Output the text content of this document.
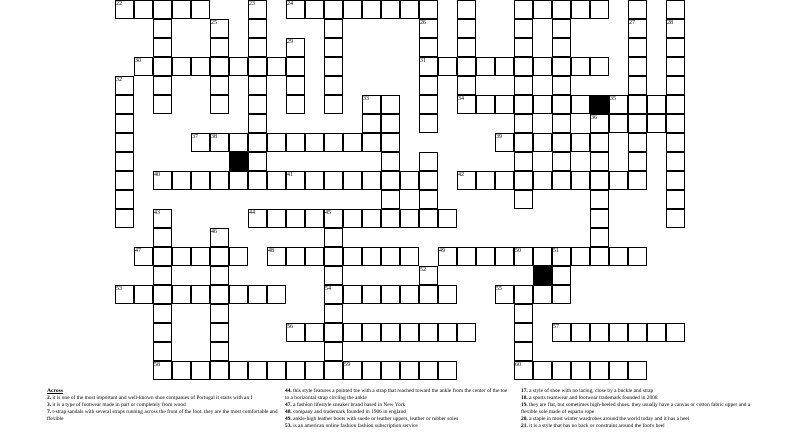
22	23	24
25	26	27	28
29
30	31
32
33	34	35
36
37 38	39
40	41	42
43	44	45
46
47	48	49	50	51
52
53	54	55
56	57
58	59	60
Across
2. it is one of the most important and well-known shoe companies of Portugal it starts with an f
3. it is a type of footwear made in part or completely from wood
7. t-strap sandals with several straps running across the front of the foot. they are the most comfortable and flexible
44. this style features a pointed toe with a strap that reached toward the ankle from the center of the toe to a horizontal strap circling the ankle
47. a fashion lifestyle sneaker brand based in New York
48. company and trademark founded in 1906 in england
49. ankle-high leather boots with suede or leather uppers, leather or rubber soles
53. is an american online fashion fashion subscription service
17. a style of shoe with no lacing, close by a buckle and strap
18. a sports teamwear and footwear trademark founded in 2008
19. they are flat, but sometimes high-heeled shoes. they usually have a canvas or cotton fabric upper and a flexible sole made of esparto rope
20. a staple in most winter wardrobes around the world today and it has a heel
21. it is a style that has no back or constraint around the foot's heel
